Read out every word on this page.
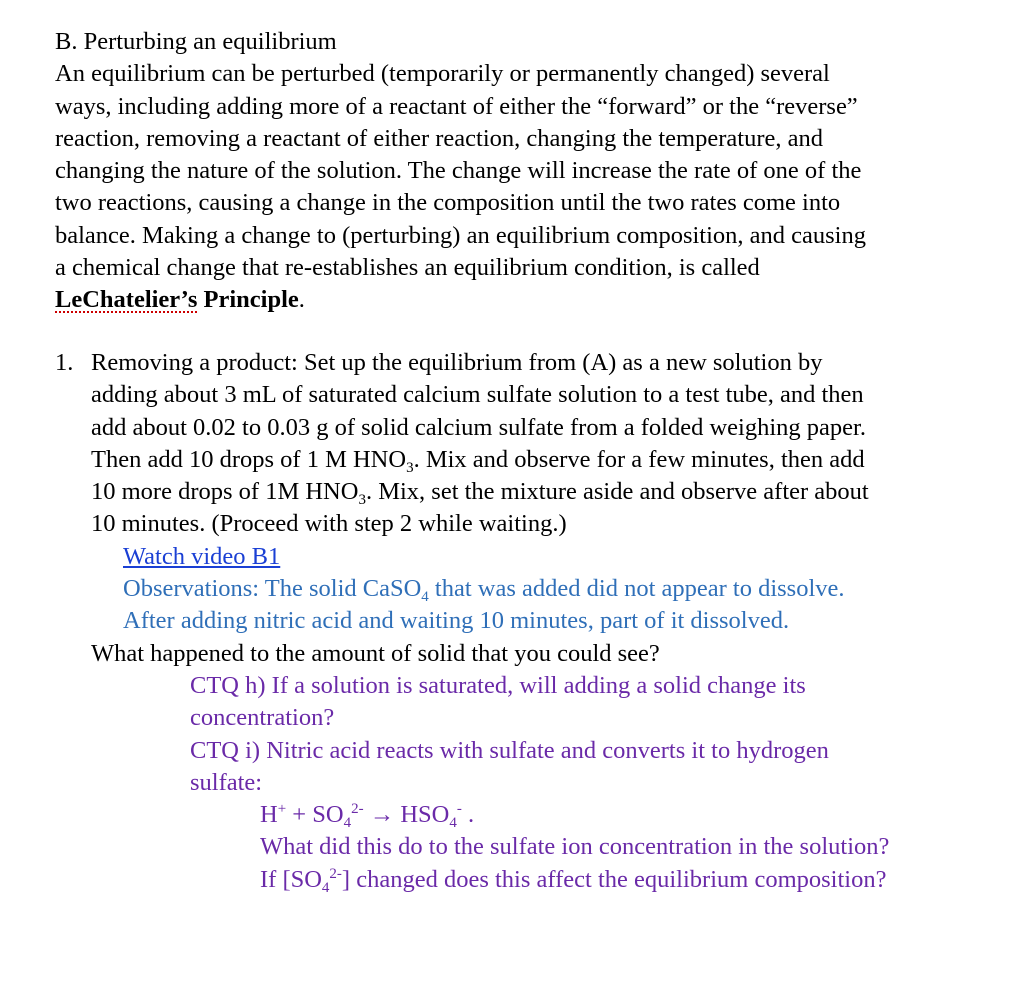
B. Perturbing an equilibrium
An equilibrium can be perturbed (temporarily or permanently changed) several
ways, including adding more of a reactant of either the “forward” or the “reverse”
reaction, removing a reactant of either reaction, changing the temperature, and
changing the nature of the solution. The change will increase the rate of one of the
two reactions, causing a change in the composition until the two rates come into
balance. Making a change to (perturbing) an equilibrium composition, and causing
a chemical change that re-establishes an equilibrium condition, is called
LeChatelier’s Principle.
1. Removing a product: Set up the equilibrium from (A) as a new solution by
adding about 3 mL of saturated calcium sulfate solution to a test tube, and then
add about 0.02 to 0.03 g of solid calcium sulfate from a folded weighing paper.
Then add 10 drops of 1 M $HNO_3$. Mix and observe for a few minutes, then add
10 more drops of 1M $HNO_3$. Mix, set the mixture aside and observe after about
10 minutes. (Proceed with step 2 while waiting.)
Watch video B1
Observations: The solid CaSO$_4$ that was added did not appear to dissolve.
After adding nitric acid and waiting 10 minutes, part of it dissolved.
What happened to the amount of solid that you could see?
CTQ h) If a solution is saturated, will adding a solid change its
concentration?
CTQ i) Nitric acid reacts with sulfate and converts it to hydrogen
sulfate:
$H^+ + SO_4^{2-} \to HSO_4^-$ .
What did this do to the sulfate ion concentration in the solution?
If $[SO_4^{2-}]$ changed does this affect the equilibrium composition?
